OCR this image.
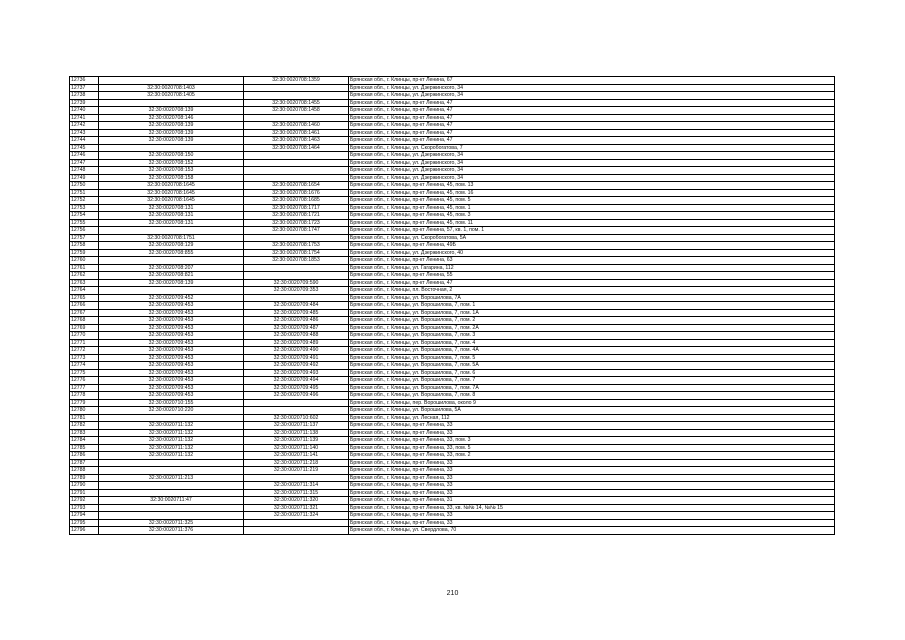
12736		32:30:0020708:1359	Брянская обл., г. Клинцы, пр-кт Ленина, 67
12737	32:30:0020708:1403		Брянская обл., г. Клинцы, ул. Дзержинского, 34
12738	32:30:0020708:1405		Брянская обл., г. Клинцы, ул. Дзержинского, 34
12739		32:30:0020708:1455	Брянская обл., г. Клинцы, пр-кт Ленина, 47
12740	32:30:0020708:139	32:30:0020708:1458	Брянская обл., г. Клинцы, пр-кт Ленина, 47
12741	32:30:0020708:146		Брянская обл., г. Клинцы, пр-кт Ленина, 47
12742	32:30:0020708:139	32:30:0020708:1460	Брянская обл., г. Клинцы, пр-кт Ленина, 47
12743	32:30:0020708:139	32:30:0020708:1461	Брянская обл., г. Клинцы, пр-кт Ленина, 47
12744	32:30:0020708:139	32:30:0020708:1463	Брянская обл., г. Клинцы, пр-кт Ленина, 47
12745		32:30:0020708:1464	Брянская обл., г. Клинцы, ул. Скоробогатова, 7
12746	32:30:0020708:150		Брянская обл., г. Клинцы, ул. Дзержинского, 34
12747	32:30:0020708:152		Брянская обл., г. Клинцы, ул. Дзержинского, 34
12748	32:30:0020708:153		Брянская обл., г. Клинцы, ул. Дзержинского, 34
12749	32:30:0020708:158		Брянская обл., г. Клинцы, ул. Дзержинского, 34
12750	32:30:0020708:1645	32:30:0020708:1654	Брянская обл., г. Клинцы, пр-кт Ленина, 45, пом. 13
12751	32:30:0020708:1645	32:30:0020708:1676	Брянская обл., г. Клинцы, пр-кт Ленина, 45, пом. 16
12752	32:30:0020708:1645	32:30:0020708:1685	Брянская обл., г. Клинцы, пр-кт Ленина, 45, пом. 5
12753	32:30:0020708:131	32:30:0020708:1717	Брянская обл., г. Клинцы, пр-кт Ленина, 45, пом. 1
12754	32:30:0020708:131	32:30:0020708:1721	Брянская обл., г. Клинцы, пр-кт Ленина, 45, пом. 3
12755	32:30:0020708:131	32:30:0020708:1723	Брянская обл., г. Клинцы, пр-кт Ленина, 45, пом. 11
12756		32:30:0020708:1747	Брянская обл., г. Клинцы, пр-кт Ленина, 57, кв. 1, пом. 1
12757	32:30:0020708:1751		Брянская обл., г. Клинцы, ул. Скоробогатова, 5А
12758	32:30:0020708:129	32:30:0020708:1753	Брянская обл., г. Клинцы, пр-кт Ленина, 49Б
12759	32:30:0020708:855	32:30:0020708:1754	Брянская обл., г. Клинцы, ул. Дзержинского, 40
12760		32:30:0020708:1853	Брянская обл., г. Клинцы, пр-кт Ленина, 63
12761	32:30:0020708:207		Брянская обл., г. Клинцы, ул. Гагарина, 112
12762	32:30:0020708:821		Брянская обл., г. Клинцы, пр-кт Ленина, 55
12763	32:30:0020708:139	32:30:0020709:590	Брянская обл., г. Клинцы, пр-кт Ленина, 47
12764		32:30:0020709:353	Брянская обл., г. Клинцы, пл. Восточная, 2
12765	32:30:0020709:452		Брянская обл., г. Клинцы, ул. Ворошилова, 7А
12766	32:30:0020709:453	32:30:0020709:484	Брянская обл., г. Клинцы, ул. Ворошилова, 7, пом. 1
12767	32:30:0020709:453	32:30:0020709:485	Брянская обл., г. Клинцы, ул. Ворошилова, 7, пом. 1А
12768	32:30:0020709:453	32:30:0020709:486	Брянская обл., г. Клинцы, ул. Ворошилова, 7, пом. 2
12769	32:30:0020709:453	32:30:0020709:487	Брянская обл., г. Клинцы, ул. Ворошилова, 7, пом. 2А
12770	32:30:0020709:453	32:30:0020709:488	Брянская обл., г. Клинцы, ул. Ворошилова, 7, пом. 3
12771	32:30:0020709:453	32:30:0020709:489	Брянская обл., г. Клинцы, ул. Ворошилова, 7, пом. 4
12772	32:30:0020709:453	32:30:0020709:490	Брянская обл., г. Клинцы, ул. Ворошилова, 7, пом. 4А
12773	32:30:0020709:453	32:30:0020709:491	Брянская обл., г. Клинцы, ул. Ворошилова, 7, пом. 5
12774	32:30:0020709:453	32:30:0020709:492	Брянская обл., г. Клинцы, ул. Ворошилова, 7, пом. 5А
12775	32:30:0020709:453	32:30:0020709:493	Брянская обл., г. Клинцы, ул. Ворошилова, 7, пом. 6
12776	32:30:0020709:453	32:30:0020709:494	Брянская обл., г. Клинцы, ул. Ворошилова, 7, пом. 7
12777	32:30:0020709:453	32:30:0020709:495	Брянская обл., г. Клинцы, ул. Ворошилова, 7, пом. 7А
12778	32:30:0020709:453	32:30:0020709:496	Брянская обл., г. Клинцы, ул. Ворошилова, 7, пом. 8
12779	32:30:0020710:155		Брянская обл., г. Клинцы, пер. Ворошилова, около 9
12780	32:30:0020710:220		Брянская обл., г. Клинцы, ул. Ворошилова, 5А
12781		32:30:0020710:602	Брянская обл., г. Клинцы, ул. Лесная, 112
12782	32:30:0020711:132	32:30:0020711:137	Брянская обл., г. Клинцы, пр-кт Ленина, 33
12783	32:30:0020711:132	32:30:0020711:138	Брянская обл., г. Клинцы, пр-кт Ленина, 33
12784	32:30:0020711:132	32:30:0020711:139	Брянская обл., г. Клинцы, пр-кт Ленина, 33, пом. 3
12785	32:30:0020711:132	32:30:0020711:140	Брянская обл., г. Клинцы, пр-кт Ленина, 33, пом. 5
12786	32:30:0020711:132	32:30:0020711:141	Брянская обл., г. Клинцы, пр-кт Ленина, 33, пом. 2
12787		32:30:0020711:218	Брянская обл., г. Клинцы, пр-кт Ленина, 33
12788		32:30:0020711:219	Брянская обл., г. Клинцы, пр-кт Ленина, 33
12789	32:30:0020711:213		Брянская обл., г. Клинцы, пр-кт Ленина, 33
12790		32:30:0020711:314	Брянская обл., г. Клинцы, пр-кт Ленина, 33
12791		32:30:0020711:315	Брянская обл., г. Клинцы, пр-кт Ленина, 33
12792	32:30:0020711:47	32:30:0020711:320	Брянская обл., г. Клинцы, пр-кт Ленина, 31
12793		32:30:0020711:321	Брянская обл., г. Клинцы, пр-кт Ленина, 33, кв. №№ 14, №№ 15
12794		32:30:0020711:324	Брянская обл., г. Клинцы, пр-кт Ленина, 33
12795	32:30:0020711:325		Брянская обл., г. Клинцы, пр-кт Ленина, 33
12796	32:30:0020711:376		Брянская обл., г. Клинцы, ул. Свердлова, 70
210
